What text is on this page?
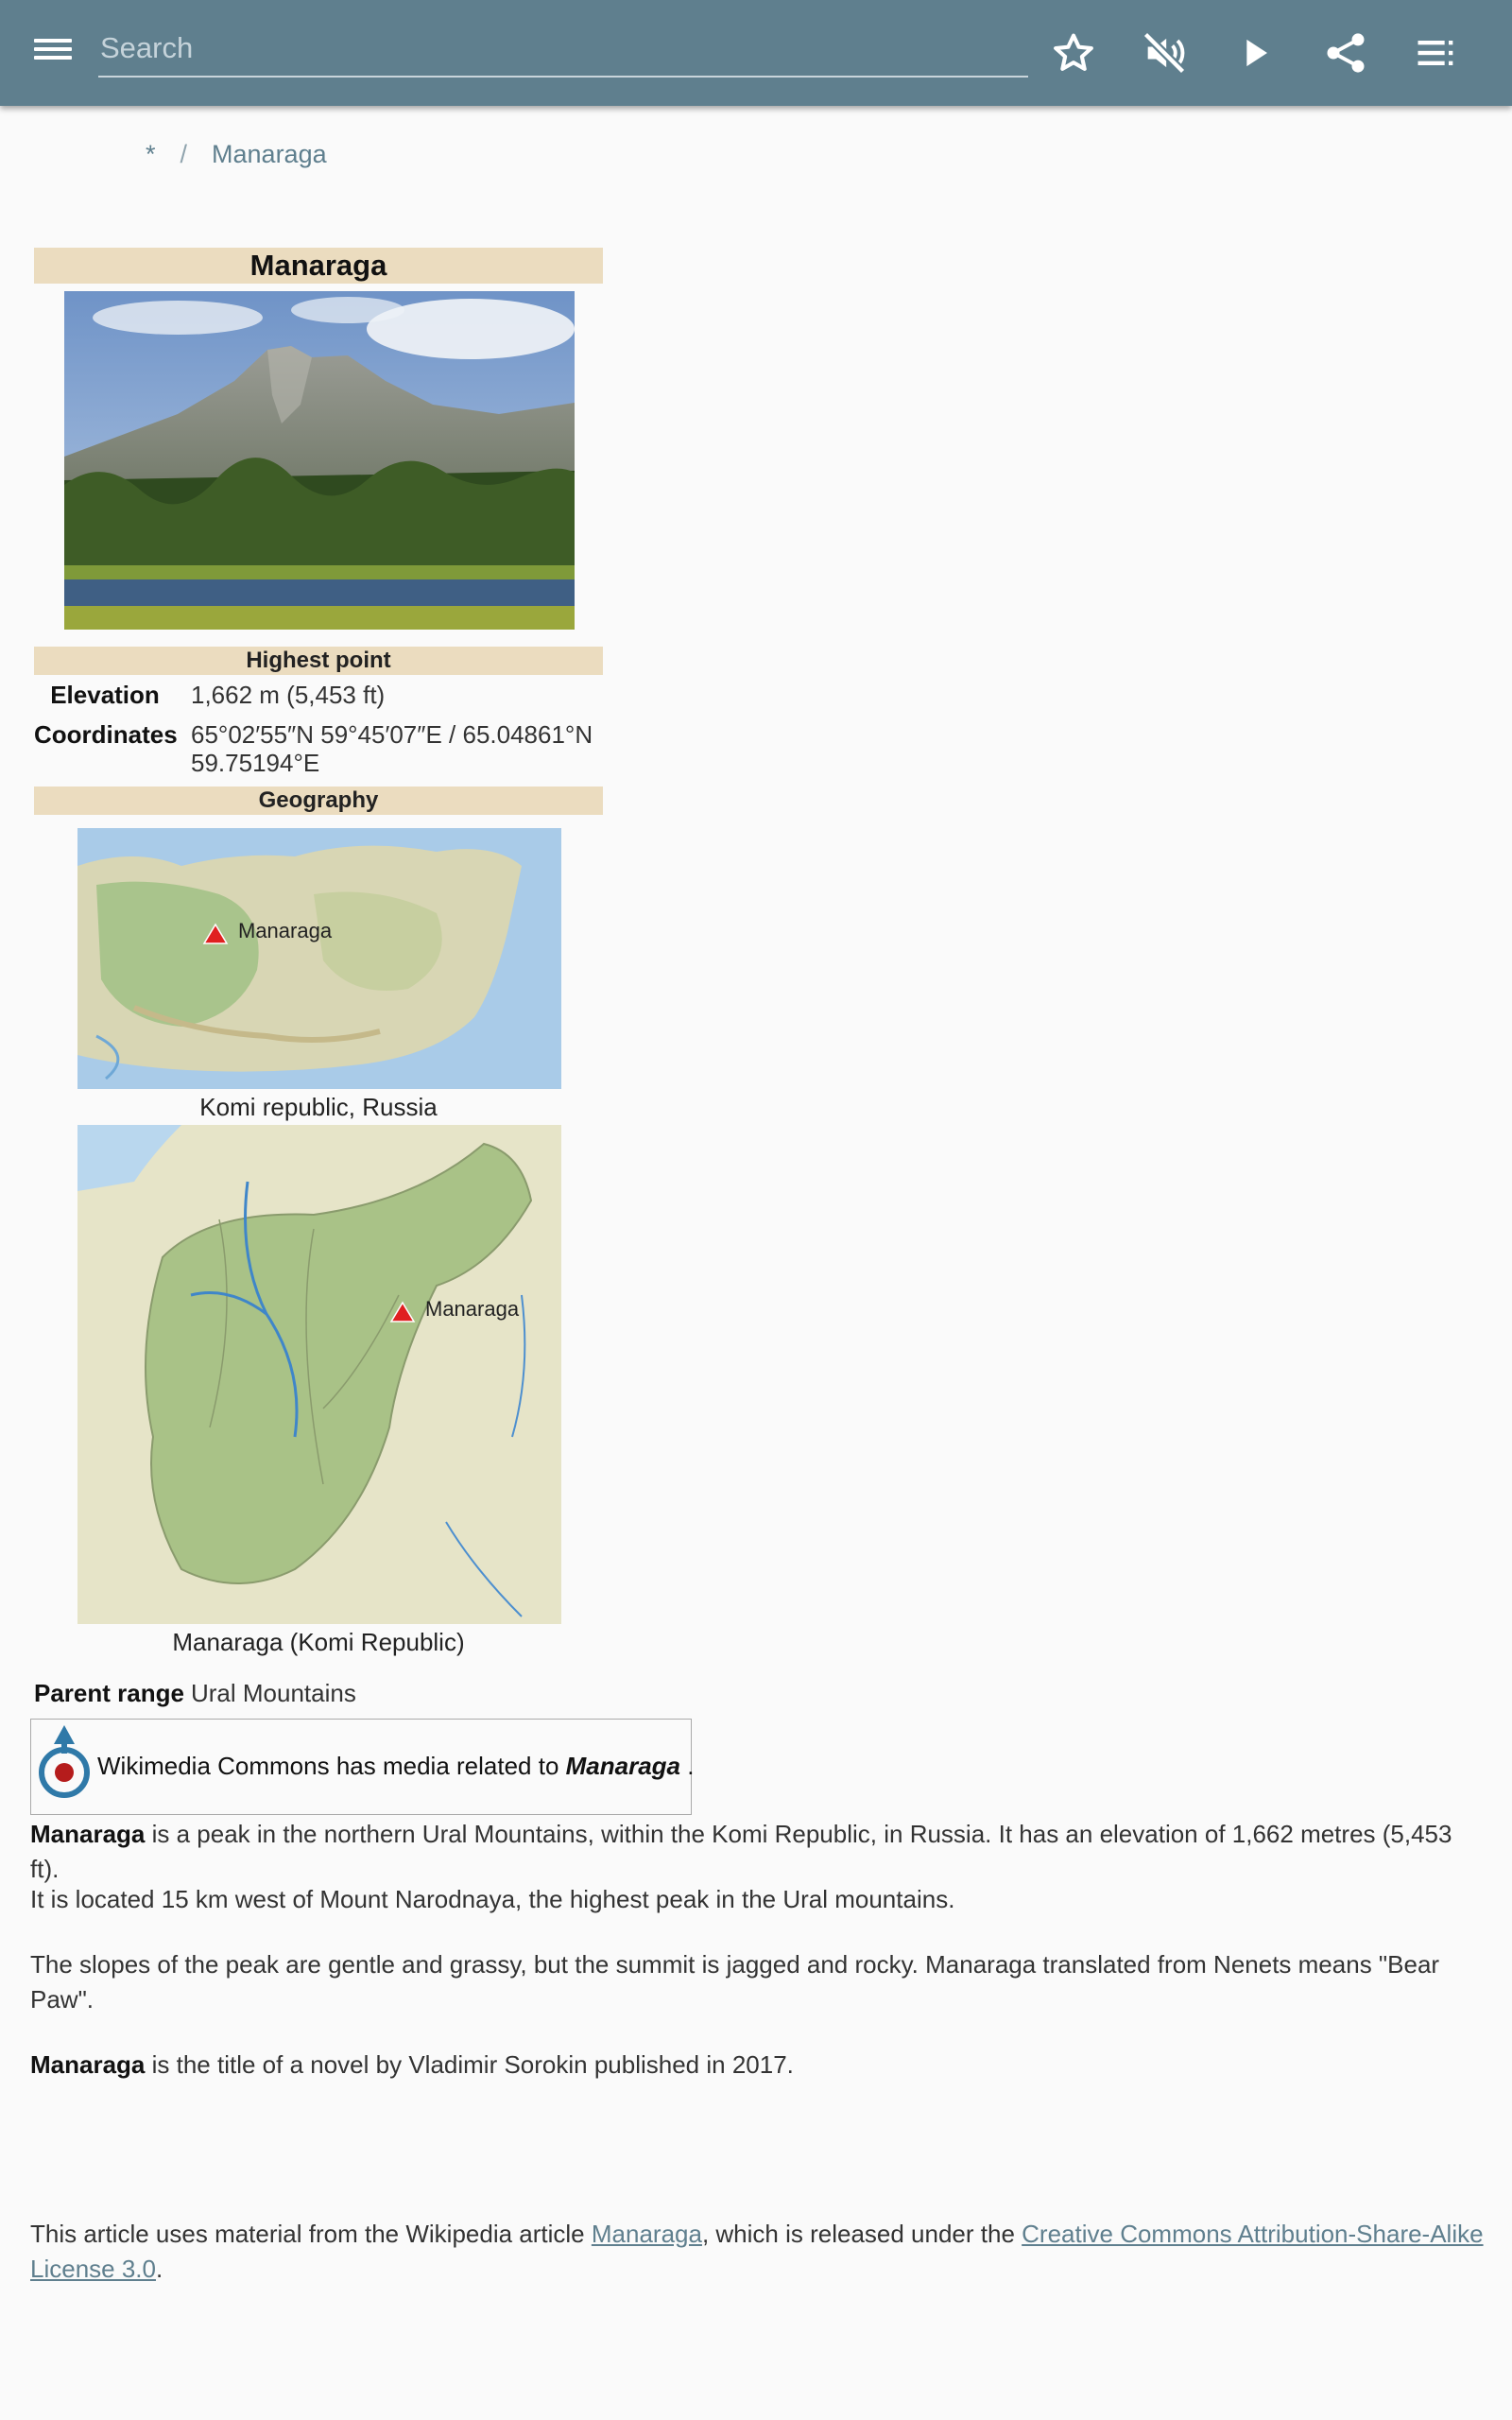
Search
* / Manaraga
Manaraga
Highest point
Elevation	1,662 m (5,453 ft)
Coordinates 65°02′55″N 59°45′07″E / 65.04861°N 59.75194°E
Geography
Manaraga
Komi republic, Russia
Manaraga
Manaraga (Komi Republic)
Parent range Ural Mountains
Wikimedia Commons has media related to Manaraga .
Manaraga is a peak in the northern Ural Mountains, within the Komi Republic, in Russia. It has an elevation of 1,662 metres (5,453 ft).
It is located 15 km west of Mount Narodnaya, the highest peak in the Ural mountains.
The slopes of the peak are gentle and grassy, but the summit is jagged and rocky. Manaraga translated from Nenets means "Bear Paw".
Manaraga is the title of a novel by Vladimir Sorokin published in 2017.
This article uses material from the Wikipedia article Manaraga, which is released under the Creative Commons Attribution-Share-Alike License 3.0.
